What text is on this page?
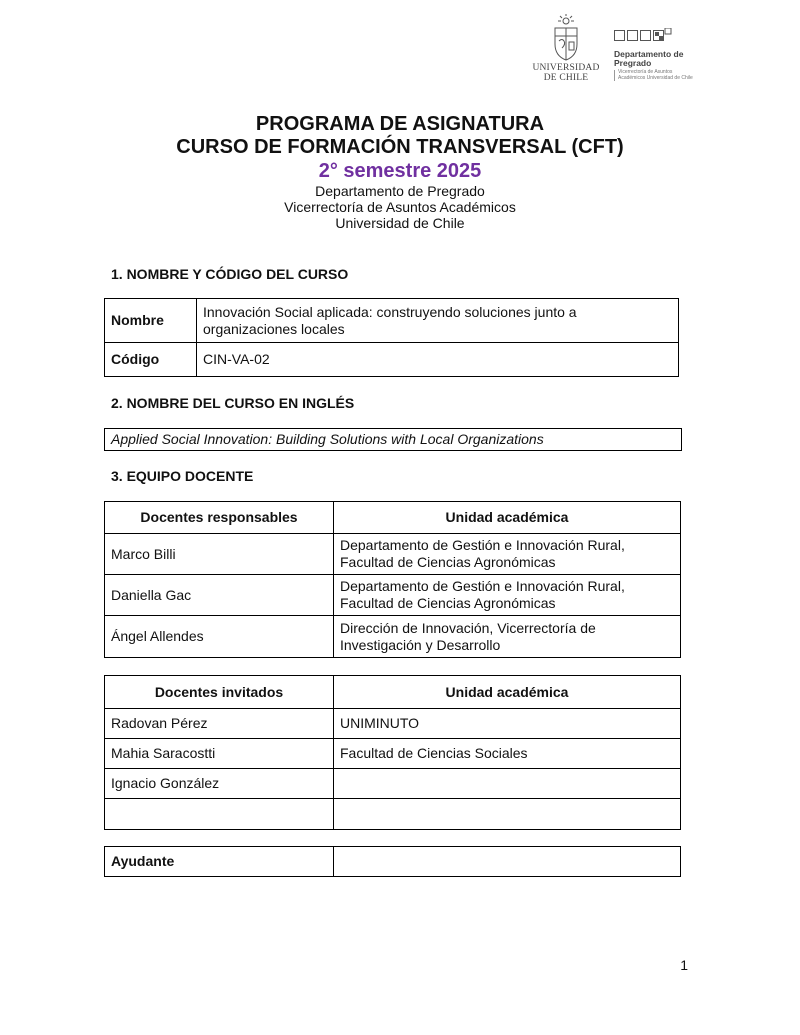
UNIVERSIDAD DE CHILE
Departamento de Pregrado
Vicerrectoría de Asuntos Académicos Universidad de Chile
PROGRAMA DE ASIGNATURA
CURSO DE FORMACIÓN TRANSVERSAL (CFT)
2° semestre 2025
Departamento de Pregrado
Vicerrectoría de Asuntos Académicos
Universidad de Chile
1. NOMBRE Y CÓDIGO DEL CURSO
Nombre	Innovación Social aplicada: construyendo soluciones junto a organizaciones locales
Código	CIN-VA-02
2. NOMBRE DEL CURSO EN INGLÉS
Applied Social Innovation: Building Solutions with Local Organizations
3. EQUIPO DOCENTE
Docentes responsables	Unidad académica
Marco Billi	Departamento de Gestión e Innovación Rural, Facultad de Ciencias Agronómicas
Daniella Gac	Departamento de Gestión e Innovación Rural, Facultad de Ciencias Agronómicas
Ángel Allendes	Dirección de Innovación, Vicerrectoría de Investigación y Desarrollo
Docentes invitados	Unidad académica
Radovan Pérez	UNIMINUTO
Mahia Saracostti	Facultad de Ciencias Sociales
Ignacio González	

Ayudante	
1
